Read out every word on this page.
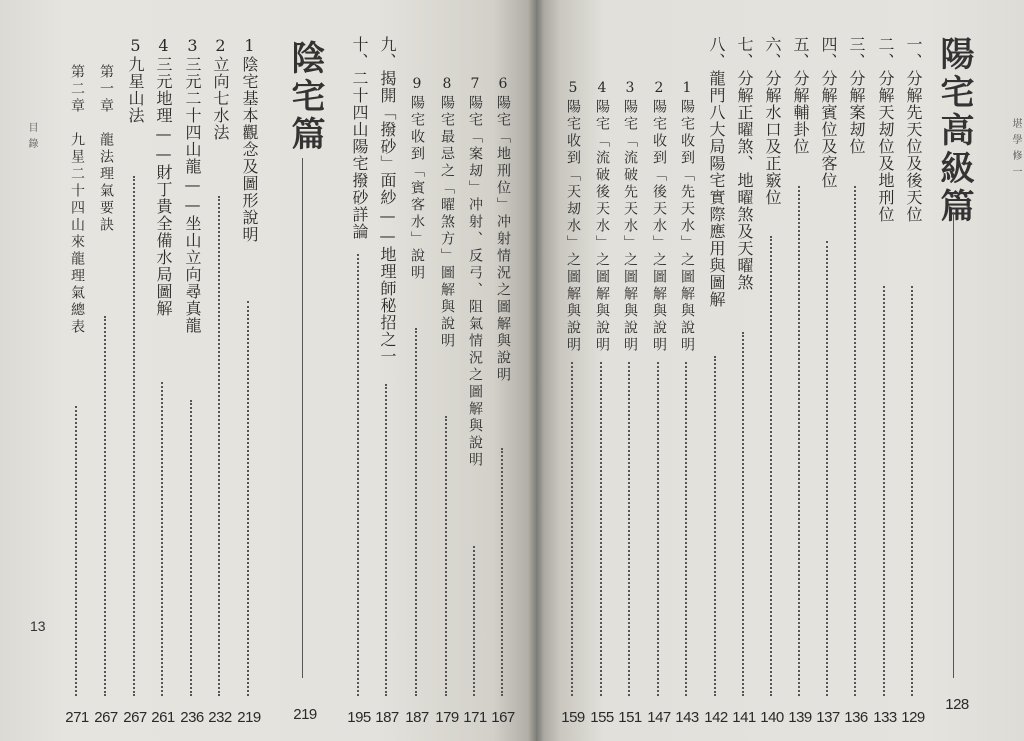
目錄
13
陰宅篇
219
十、二十四山陽宅撥砂詳論
195
九、揭開「撥砂」面紗——地理師秘招之一
187
9陽宅收到「賓客水」說明
187
8陽宅最忌之「曜煞方」圖解與說明
179
7陽宅「案刼」冲射、反弓、阻氣情況之圖解與說明
171
6陽宅「地刑位」冲射情況之圖解與說明
167
1陰宅基本觀念及圖形說明
219
2立向七水法
232
3三元二十四山龍——坐山立向尋真龍
236
4三元地理——財丁貴全備水局圖解
261
5九星山法
267
第一章　龍法理氣要訣
267
第二章　九星二十四山來龍理氣總表
271
堪學修一
陽宅高級篇
128
一、分解先天位及後天位
129
二、分解天刼位及地刑位
133
三、分解案刼位
136
四、分解賓位及客位
137
五、分解輔卦位
139
六、分解水口及正竅位
140
七、分解正曜煞、地曜煞及天曜煞
141
八、龍門八大局陽宅實際應用與圖解
142
1陽宅收到「先天水」之圖解與說明
143
2陽宅收到「後天水」之圖解與說明
147
3陽宅「流破先天水」之圖解與說明
151
4陽宅「流破後天水」之圖解與說明
155
5陽宅收到「天刼水」之圖解與說明
159
